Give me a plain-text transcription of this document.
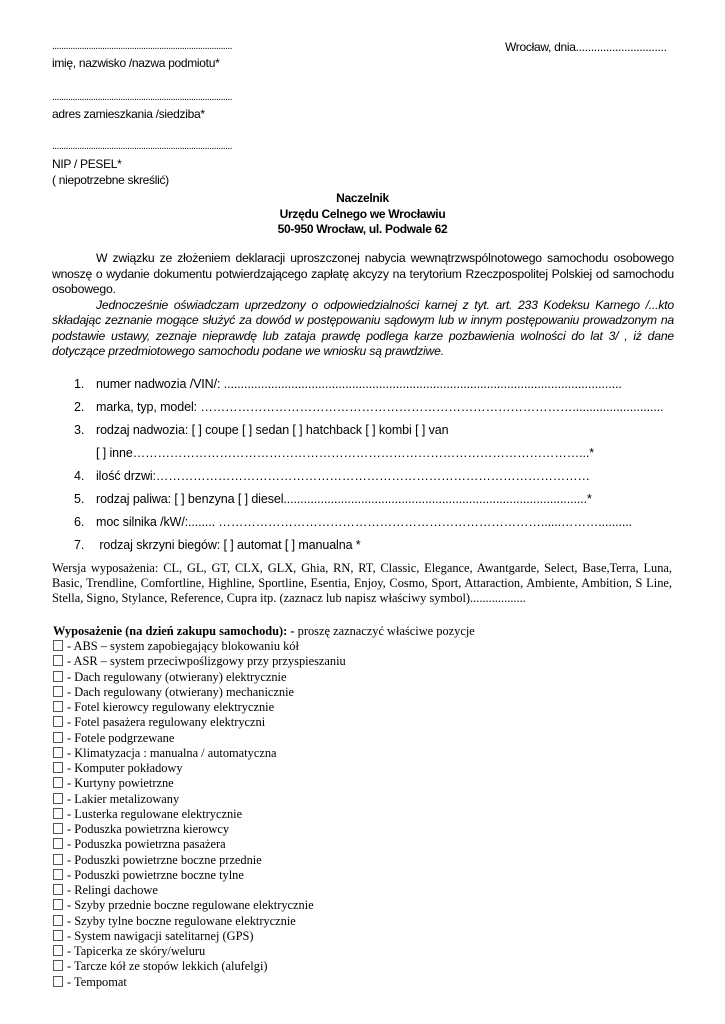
...............................................................................
imię, nazwisko /nazwa podmiotu*
Wrocław, dnia..............................
...............................................................................
adres zamieszkania /siedziba*
...............................................................................
NIP / PESEL*
( niepotrzebne skreślić)
Naczelnik
Urzędu Celnego we Wrocławiu
50-950 Wrocław, ul. Podwale 62

W związku ze złożeniem deklaracji uproszczonej nabycia wewnątrzwspólnotowego samochodu osobowego wnoszę o wydanie dokumentu potwierdzającego zapłatę akcyzy na terytorium Rzeczpospolitej Polskiej od samochodu osobowego.

Jednocześnie oświadczam uprzedzony o odpowiedzialności karnej z tyt. art. 233 Kodeksu Karnego /...kto składając zeznanie mogące służyć za dowód w postępowaniu sądowym lub w innym postępowaniu prowadzonym na podstawie ustawy, zeznaje nieprawdę lub zataja prawdę podlega karze pozbawienia wolności do lat 3/ , iż dane dotyczące przedmiotowego samochodu podane we wniosku są prawdziwe.

1. numer nadwozia /VIN/: ......................................................................................................................
2. marka, typ, model: ………………………………………………………………………………...........................
3. rodzaj nadwozia: [ ] coupe [ ] sedan [ ] hatchback [ ] kombi [ ] van
[ ] inne………………………………………………………………………………………………...*
4. ilość drzwi:……………………………………………………………………………………………
5. rodzaj paliwa: [ ] benzyna [ ] diesel..........................................................................................*
6. moc silnika /kW/:........ ……………………………………………………………………......………..........
7. rodzaj skrzyni biegów: [ ] automat [ ] manualna *
Wersja wyposażenia: CL, GL, GT, CLX, GLX, Ghia, RN, RT, Classic, Elegance, Awantgarde, Select, Base,Terra, Luna, Basic, Trendline, Comfortline, Highline, Sportline, Esentia, Enjoy, Cosmo, Sport, Attaraction, Ambiente, Ambition, S Line, Stella, Signo, Stylance, Reference, Cupra itp. (zaznacz lub napisz właściwy symbol)..................
Wyposażenie (na dzień zakupu samochodu): - proszę zaznaczyć właściwe pozycje
- ABS – system zapobiegający blokowaniu kół
- ASR – system przeciwpoślizgowy przy przyspieszaniu
- Dach regulowany (otwierany) elektrycznie
- Dach regulowany (otwierany) mechanicznie
- Fotel kierowcy regulowany elektrycznie
- Fotel pasażera regulowany elektryczni
- Fotele podgrzewane
- Klimatyzacja : manualna / automatyczna
- Komputer pokładowy
- Kurtyny powietrzne
- Lakier metalizowany
- Lusterka regulowane elektrycznie
- Poduszka powietrzna kierowcy
- Poduszka powietrzna pasażera
- Poduszki powietrzne boczne przednie
- Poduszki powietrzne boczne tylne
- Relingi dachowe
- Szyby przednie boczne regulowane elektrycznie
- Szyby tylne boczne regulowane elektrycznie
- System nawigacji satelitarnej (GPS)
- Tapicerka ze skóry/weluru
- Tarcze kół ze stopów lekkich (alufelgi)
- Tempomat
